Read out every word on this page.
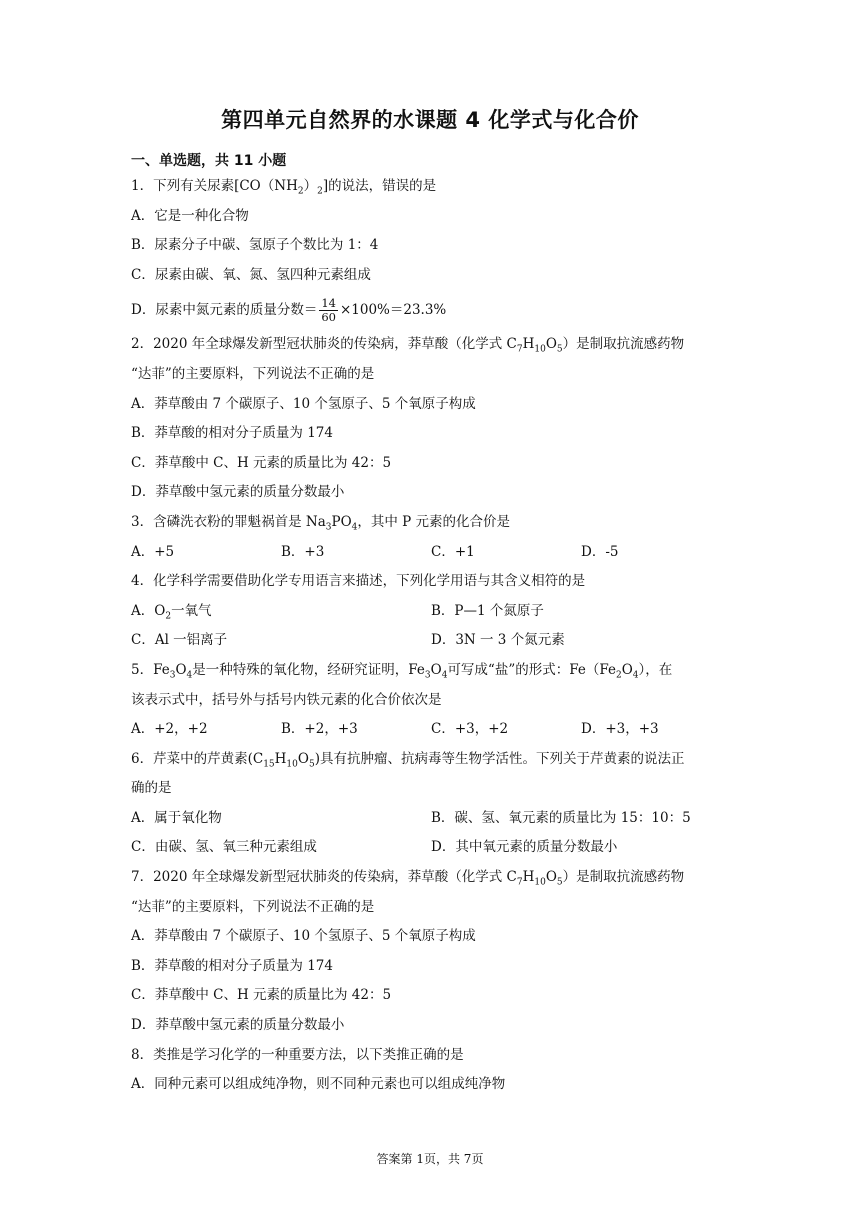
第四单元自然界的水课题 4 化学式与化合价
一、单选题，共 11 小题
1．下列有关尿素$[CO(NH_2)_2]$的说法，错误的是
A．它是一种化合物
B．尿素分子中碳、氢原子个数比为 1：4
C．尿素由碳、氧、氮、氢四种元素组成
D．尿素中氮元素的质量分数＝ $\frac{14}{60} \times 100\%=23.3\%$
2．2020 年全球爆发新型冠状肺炎的传染病，莽草酸（化学式 $C_7H_{10}O_5$）是制取抗流感药物
“达菲”的主要原料，下列说法不正确的是
A．莽草酸由 7 个碳原子、10 个氢原子、5 个氧原子构成
B．莽草酸的相对分子质量为 174
C．莽草酸中 C、H 元素的质量比为 42：5
D．莽草酸中氢元素的质量分数最小
3．含磷洗衣粉的罪魁祸首是 $Na_3PO_4$，其中 P 元素的化合价是
A．+5	B．+3	C．+1	D．-5
4．化学科学需要借助化学专用语言来描述，下列化学用语与其含义相符的是
A．$O_2$一氧气	B．P—1 个氮原子
C．Al 一铝离子	D．3N 一 3 个氮元素
5．$Fe_3O_4$是一种特殊的氧化物，经研究证明，$Fe_3O_4$可写成“盐”的形式：$Fe(Fe_2O_4)$，在
该表示式中，括号外与括号内铁元素的化合价依次是
A．+2，+2	B．+2，+3	C．+3，+2	D．+3，+3
6．芹菜中的芹黄素$(C_{15}H_{10}O_5)$具有抗肿瘤、抗病毒等生物学活性。下列关于芹黄素的说法正
确的是
A．属于氧化物	B．碳、氢、氧元素的质量比为 15：10：5
C．由碳、氢、氧三种元素组成	D．其中氧元素的质量分数最小
7．2020 年全球爆发新型冠状肺炎的传染病，莽草酸（化学式 $C_7H_{10}O_5$）是制取抗流感药物
“达菲”的主要原料，下列说法不正确的是
A．莽草酸由 7 个碳原子、10 个氢原子、5 个氧原子构成
B．莽草酸的相对分子质量为 174
C．莽草酸中 C、H 元素的质量比为 42：5
D．莽草酸中氢元素的质量分数最小
8．类推是学习化学的一种重要方法，以下类推正确的是
A．同种元素可以组成纯净物，则不同种元素也可以组成纯净物
答案第 1页，共 7页
